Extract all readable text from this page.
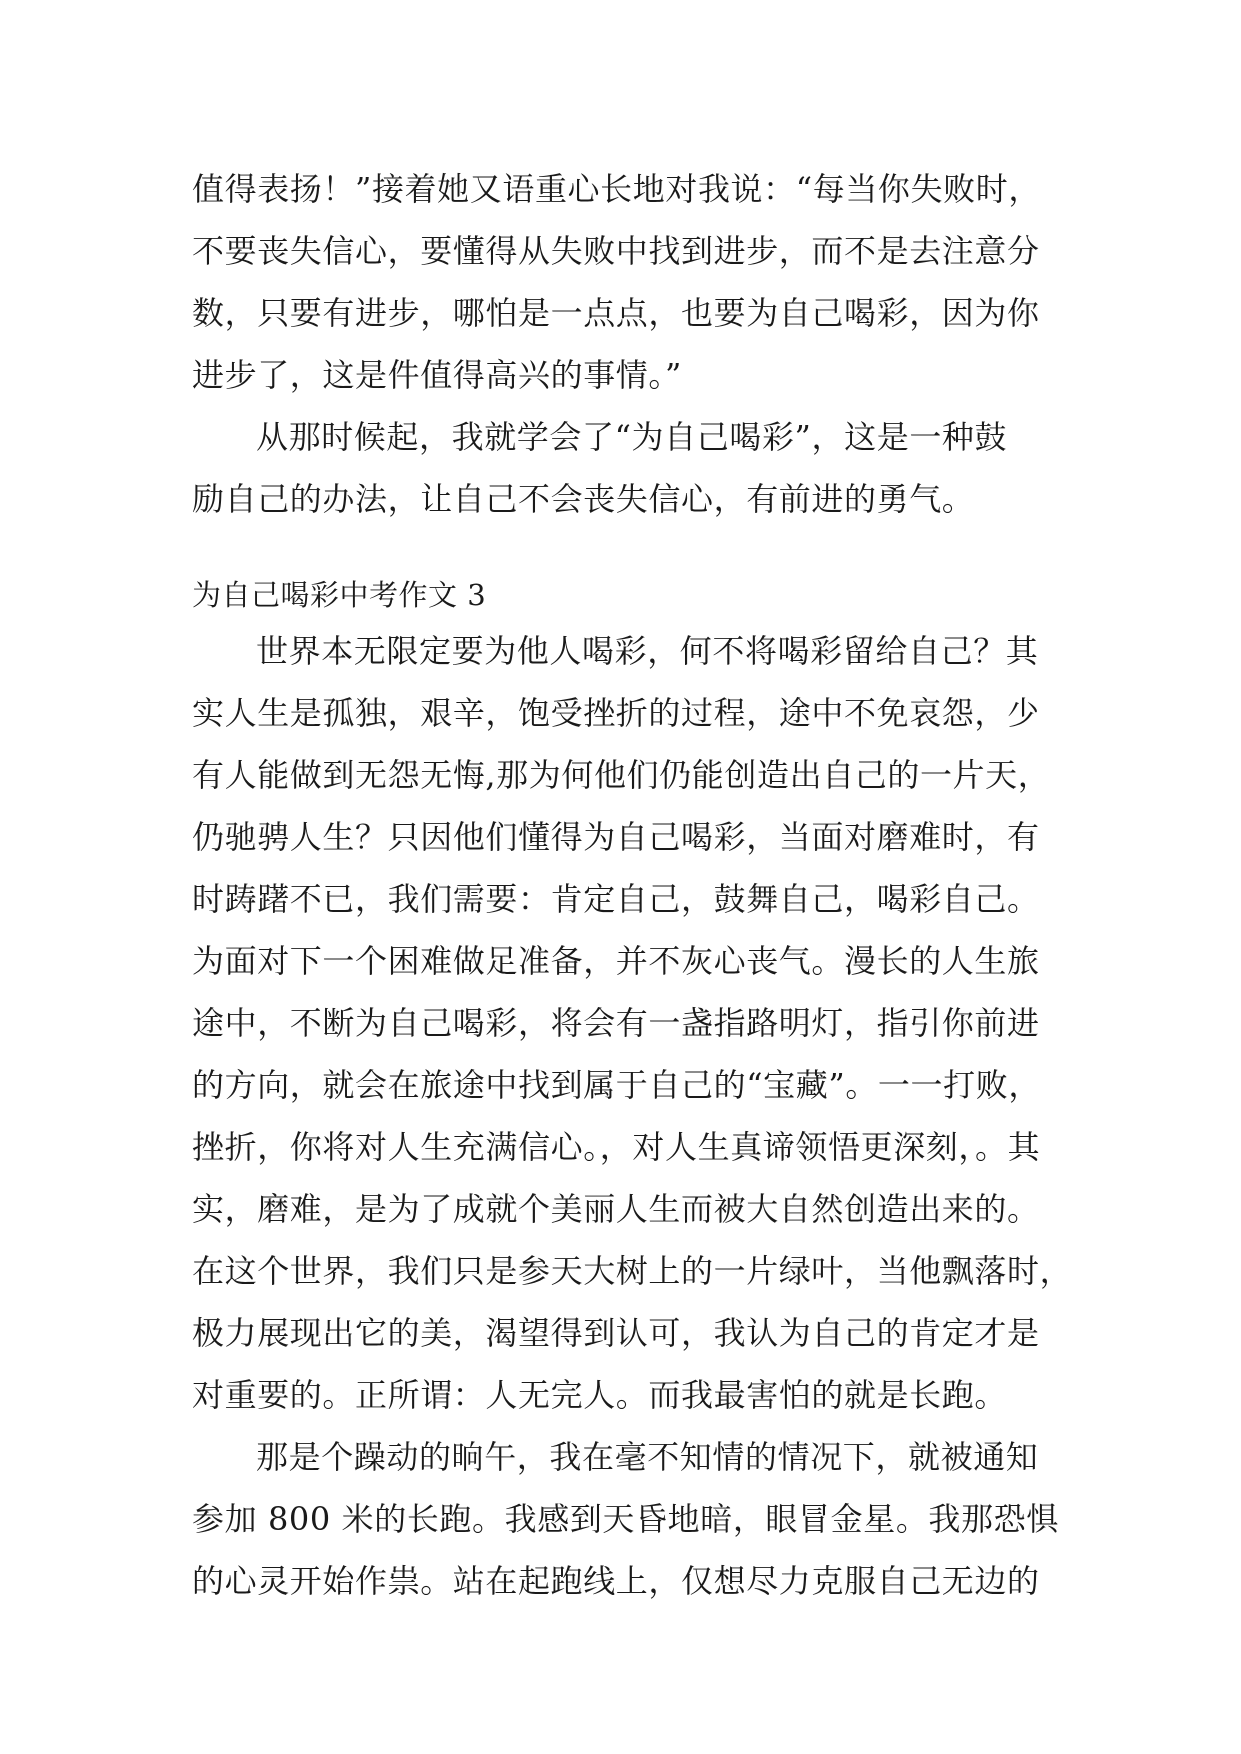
值得表扬！”接着她又语重心长地对我说：“每当你失败时，
不要丧失信心，要懂得从失败中找到进步，而不是去注意分
数，只要有进步，哪怕是一点点，也要为自己喝彩，因为你
进步了，这是件值得高兴的事情。”
从那时候起，我就学会了“为自己喝彩”，这是一种鼓
励自己的办法，让自己不会丧失信心，有前进的勇气。
为自己喝彩中考作文 3
世界本无限定要为他人喝彩，何不将喝彩留给自己？其
实人生是孤独，艰辛，饱受挫折的过程，途中不免哀怨，少
有人能做到无怨无悔,那为何他们仍能创造出自己的一片天，
仍驰骋人生？只因他们懂得为自己喝彩，当面对磨难时，有
时踌躇不已，我们需要：肯定自己，鼓舞自己，喝彩自己。
为面对下一个困难做足准备，并不灰心丧气。漫长的人生旅
途中，不断为自己喝彩，将会有一盏指路明灯，指引你前进
的方向，就会在旅途中找到属于自己的“宝藏”。一一打败，
挫折，你将对人生充满信心。，对人生真谛领悟更深刻，。其
实，磨难，是为了成就个美丽人生而被大自然创造出来的。
在这个世界，我们只是参天大树上的一片绿叶，当他飘落时，
极力展现出它的美，渴望得到认可，我认为自己的肯定才是
对重要的。正所谓：人无完人。而我最害怕的就是长跑。
那是个躁动的晌午，我在毫不知情的情况下，就被通知
参加 800 米的长跑。我感到天昏地暗，眼冒金星。我那恐惧
的心灵开始作祟。站在起跑线上，仅想尽力克服自己无边的
